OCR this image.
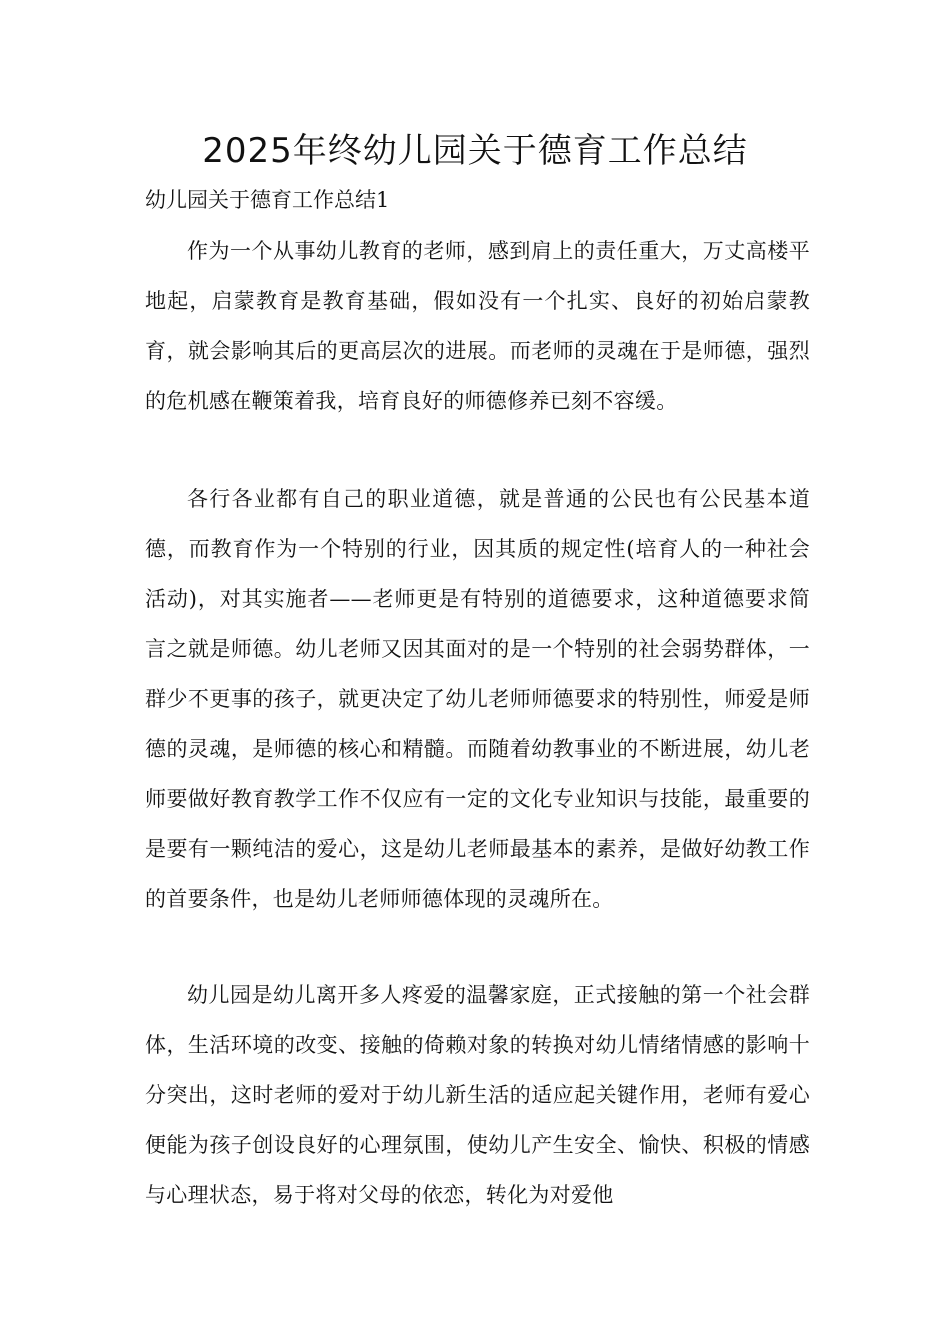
2025年终幼儿园关于德育工作总结

幼儿园关于德育工作总结1

作为一个从事幼儿教育的老师，感到肩上的责任重大，万丈高楼平地起，启蒙教育是教育基础，假如没有一个扎实、良好的初始启蒙教育，就会影响其后的更高层次的进展。而老师的灵魂在于是师德，强烈的危机感在鞭策着我，培育良好的师德修养已刻不容缓。

各行各业都有自己的职业道德，就是普通的公民也有公民基本道德，而教育作为一个特别的行业，因其质的规定性(培育人的一种社会活动)，对其实施者——老师更是有特别的道德要求，这种道德要求简言之就是师德。幼儿老师又因其面对的是一个特别的社会弱势群体，一群少不更事的孩子，就更决定了幼儿老师师德要求的特别性，师爱是师德的灵魂，是师德的核心和精髓。而随着幼教事业的不断进展，幼儿老师要做好教育教学工作不仅应有一定的文化专业知识与技能，最重要的是要有一颗纯洁的爱心，这是幼儿老师最基本的素养，是做好幼教工作的首要条件，也是幼儿老师师德体现的灵魂所在。

幼儿园是幼儿离开多人疼爱的温馨家庭，正式接触的第一个社会群体，生活环境的改变、接触的倚赖对象的转换对幼儿情绪情感的影响十分突出，这时老师的爱对于幼儿新生活的适应起关键作用，老师有爱心便能为孩子创设良好的心理氛围，使幼儿产生安全、愉快、积极的情感与心理状态，易于将对父母的依恋，转化为对爱他
